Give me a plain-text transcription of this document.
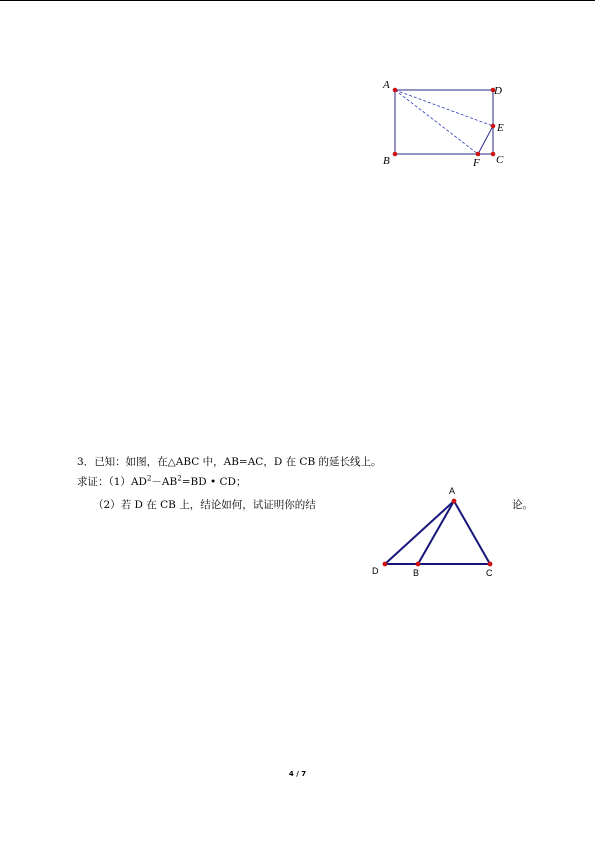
A	D
E
B	F C
3．已知：如图，在△ABC 中，AB=AC，D 在 CB 的延长线上。
求证：$(1)AD^2-AB^2=BD$ • CD；
（2）若 D 在 CB 上，结论如何，试证明你的结	论。
A
D	B	C
4 / 7
